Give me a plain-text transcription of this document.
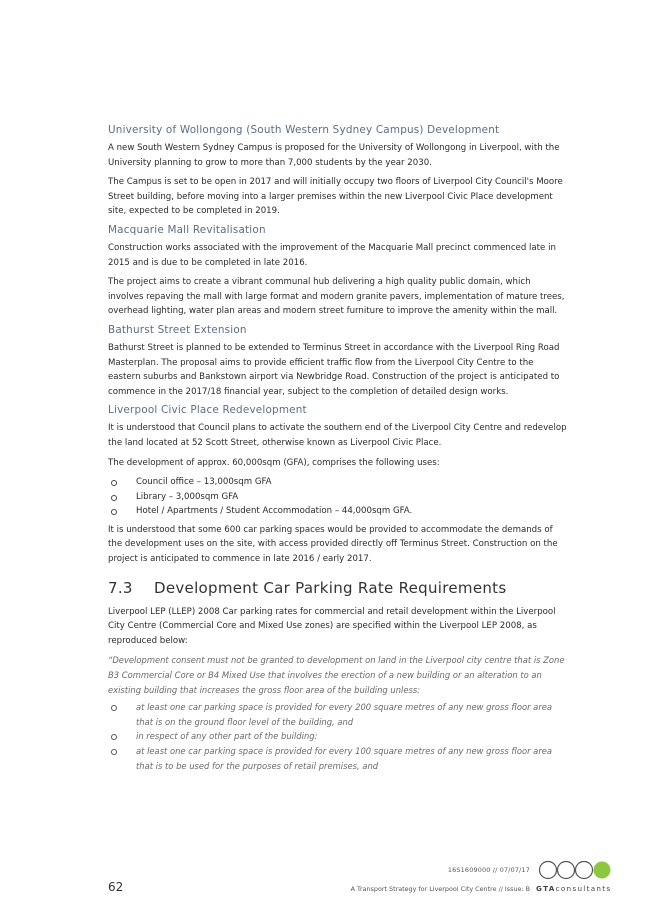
University of Wollongong (South Western Sydney Campus) Development

A new South Western Sydney Campus is proposed for the University of Wollongong in Liverpool, with the University planning to grow to more than 7,000 students by the year 2030.

The Campus is set to be open in 2017 and will initially occupy two floors of Liverpool City Council's Moore Street building, before moving into a larger premises within the new Liverpool Civic Place development site, expected to be completed in 2019.

Macquarie Mall Revitalisation

Construction works associated with the improvement of the Macquarie Mall precinct commenced late in 2015 and is due to be completed in late 2016.

The project aims to create a vibrant communal hub delivering a high quality public domain, which involves repaving the mall with large format and modern granite pavers, implementation of mature trees, overhead lighting, water plan areas and modern street furniture to improve the amenity within the mall.

Bathurst Street Extension

Bathurst Street is planned to be extended to Terminus Street in accordance with the Liverpool Ring Road Masterplan. The proposal aims to provide efficient traffic flow from the Liverpool City Centre to the eastern suburbs and Bankstown airport via Newbridge Road. Construction of the project is anticipated to commence in the 2017/18 financial year, subject to the completion of detailed design works.

Liverpool Civic Place Redevelopment

It is understood that Council plans to activate the southern end of the Liverpool City Centre and redevelop the land located at 52 Scott Street, otherwise known as Liverpool Civic Place.

The development of approx. 60,000sqm (GFA), comprises the following uses:

Council office – 13,000sqm GFA
Library – 3,000sqm GFA
Hotel / Apartments / Student Accommodation – 44,000sqm GFA.

It is understood that some 600 car parking spaces would be provided to accommodate the demands of the development uses on the site, with access provided directly off Terminus Street. Construction on the project is anticipated to commence in late 2016 / early 2017.

7.3	Development Car Parking Rate Requirements

Liverpool LEP (LLEP) 2008 Car parking rates for commercial and retail development within the Liverpool City Centre (Commercial Core and Mixed Use zones) are specified within the Liverpool LEP 2008, as reproduced below:

“Development consent must not be granted to development on land in the Liverpool city centre that is Zone B3 Commercial Core or B4 Mixed Use that involves the erection of a new building or an alteration to an existing building that increases the gross floor area of the building unless:

at least one car parking space is provided for every 200 square metres of any new gross floor area that is on the ground floor level of the building, and
in respect of any other part of the building:
at least one car parking space is provided for every 100 square metres of any new gross floor area that is to be used for the purposes of retail premises, and
62
16S1609000 // 07/07/17
A Transport Strategy for Liverpool City Centre // Issue: B GTAconsultants
